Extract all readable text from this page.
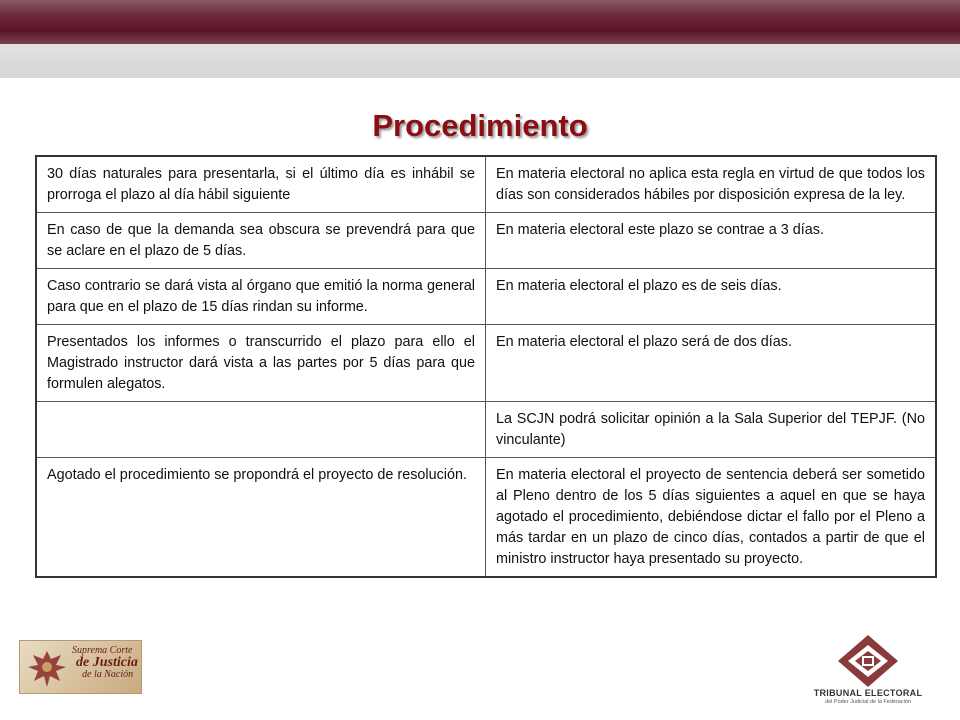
Procedimiento
30 días naturales para presentarla, si el último día es inhábil se prorroga el plazo al día hábil siguiente	En materia electoral no aplica esta regla en virtud de que todos los días son considerados hábiles por disposición expresa de la ley.
En caso de que la demanda sea obscura se prevendrá para que se aclare en el plazo de 5 días.	En materia electoral este plazo se contrae a 3 días.
Caso contrario se dará vista al órgano que emitió la norma general para que en el plazo de 15 días rindan su informe.	En materia electoral el plazo es de seis días.
Presentados los informes o transcurrido el plazo para ello el Magistrado instructor dará vista a las partes por 5 días para que formulen alegatos.	En materia electoral el plazo será de dos días.
	La SCJN podrá solicitar opinión a la Sala Superior del TEPJF. (No vinculante)
Agotado el procedimiento se propondrá el proyecto de resolución.	En materia electoral el proyecto de sentencia deberá ser sometido al Pleno dentro de los 5 días siguientes a aquel en que se haya agotado el procedimiento, debiéndose dictar el fallo por el Pleno a más tardar en un plazo de cinco días, contados a partir de que el ministro instructor haya presentado su proyecto.
Suprema Corte
de Justicia
de la Nación
TRIBUNAL ELECTORAL
del Poder Judicial de la Federación
